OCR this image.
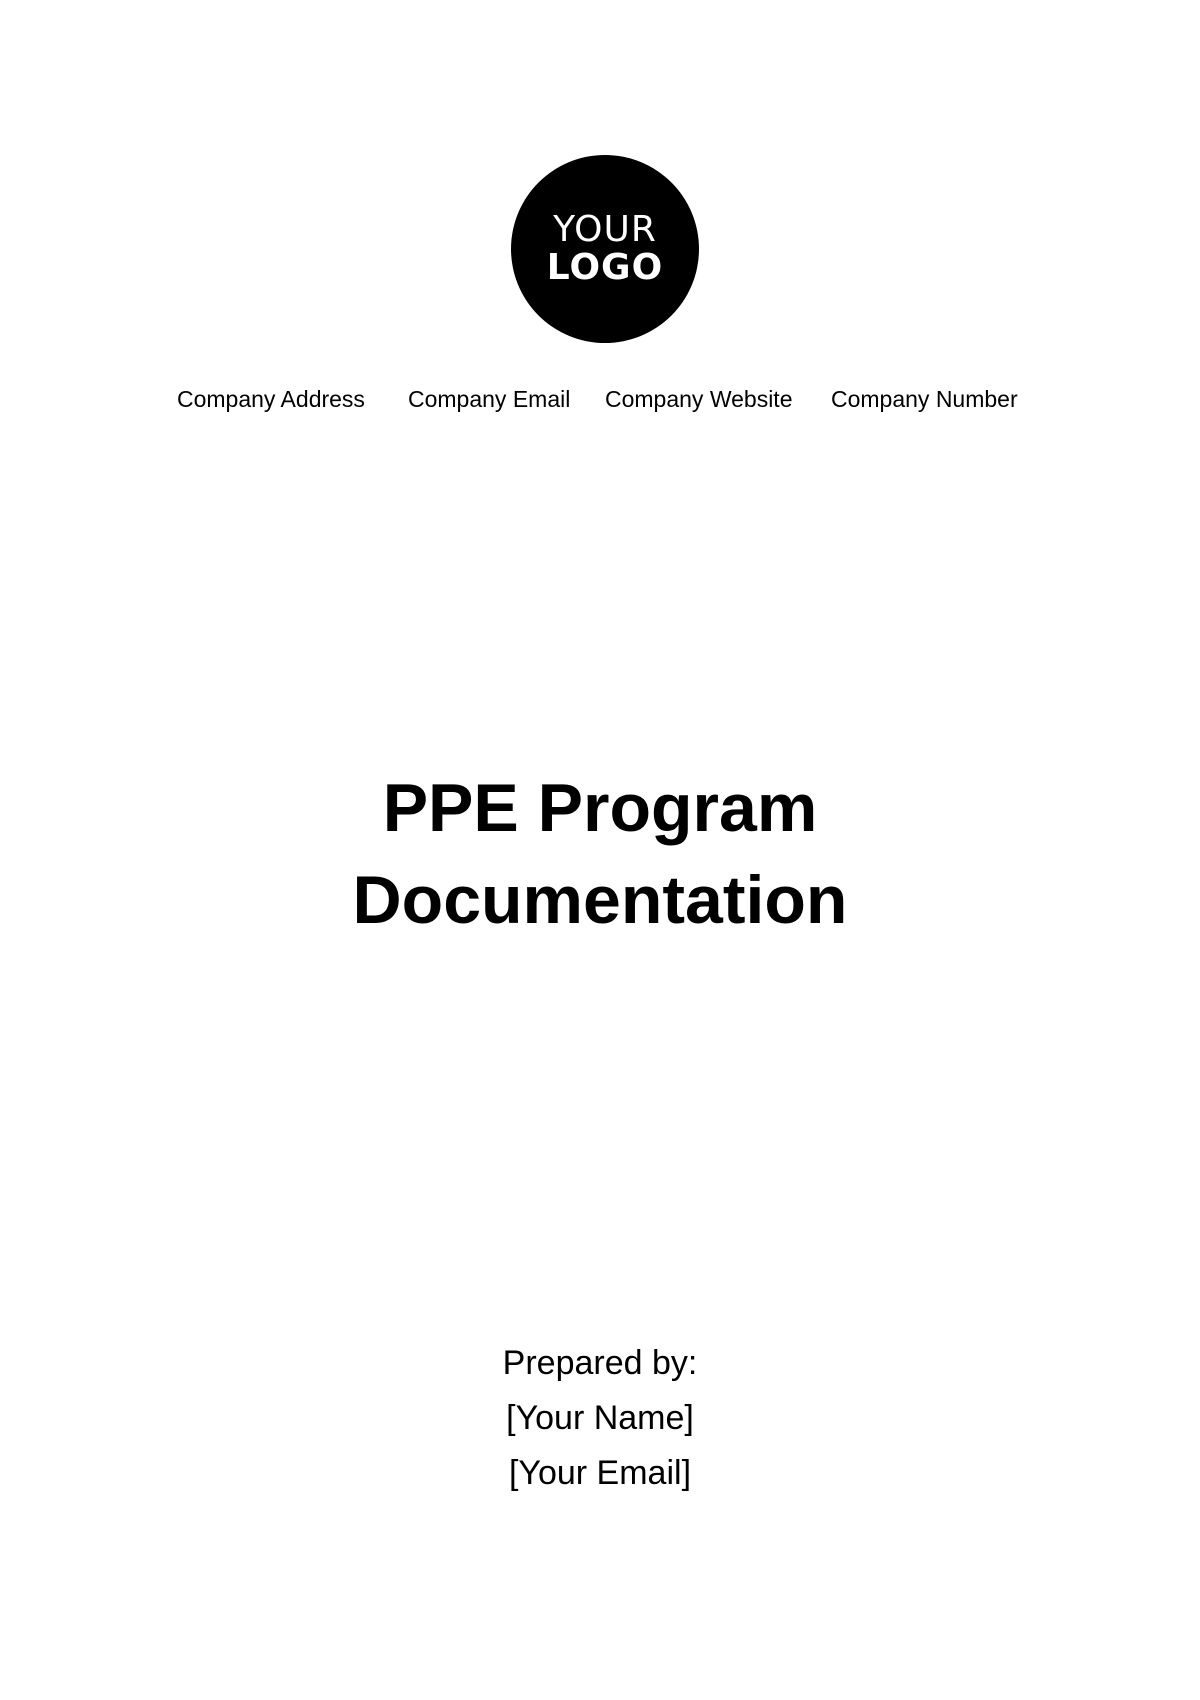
YOUR
LOGO
Company Address Company Email Company Website Company Number
PPE Program
Documentation
Prepared by:
[Your Name]
[Your Email]
